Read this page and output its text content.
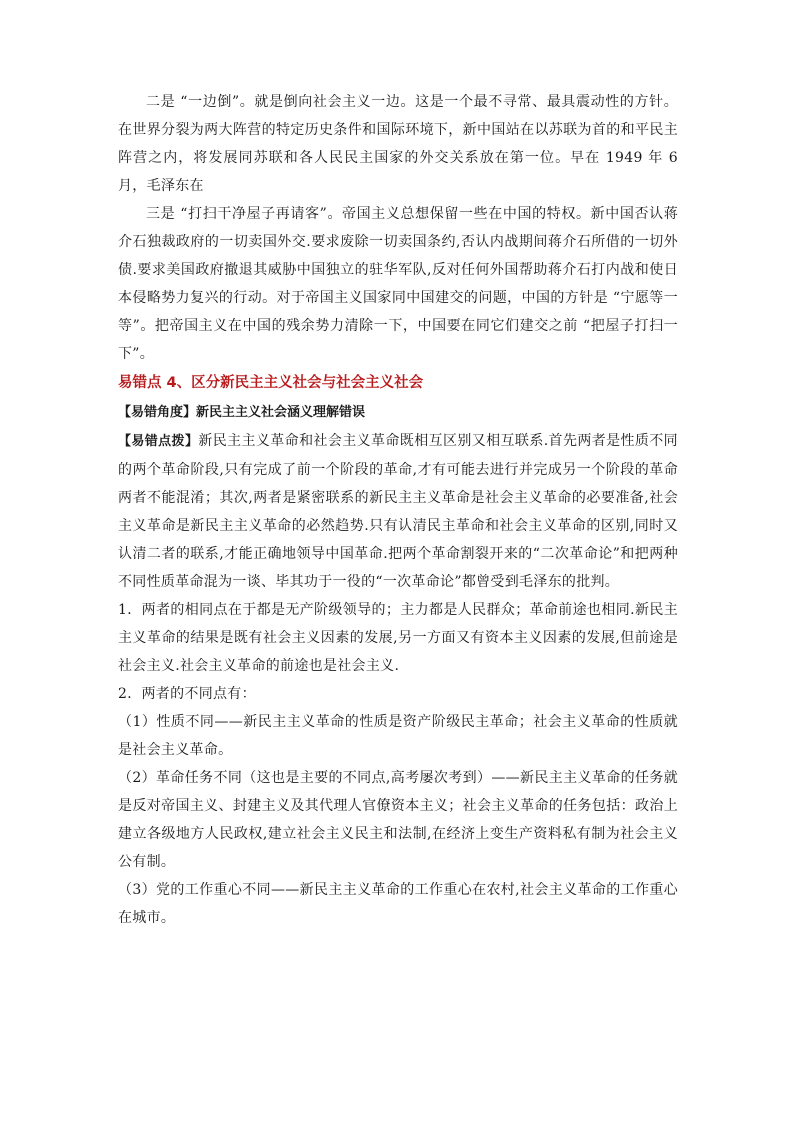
二是 “一边倒”。就是倒向社会主义一边。这是一个最不寻常、最具震动性的方针。在世界分裂为两大阵营的特定历史条件和国际环境下，新中国站在以苏联为首的和平民主阵营之内，将发展同苏联和各人民民主国家的外交关系放在第一位。早在 1949 年 6 月，毛泽东在

三是 “打扫干净屋子再请客”。帝国主义总想保留一些在中国的特权。新中国否认蒋介石独裁政府的一切卖国外交.要求废除一切卖国条约,否认内战期间蒋介石所借的一切外债.要求美国政府撤退其威胁中国独立的驻华军队,反对任何外国帮助蒋介石打内战和使日本侵略势力复兴的行动。对于帝国主义国家同中国建交的问题，中国的方针是 “宁愿等一等”。把帝国主义在中国的残余势力清除一下，中国要在同它们建交之前 “把屋子打扫一下”。

易错点 4、区分新民主主义社会与社会主义社会

【易错角度】新民主主义社会涵义理解错误

【易错点拨】新民主主义革命和社会主义革命既相互区别又相互联系.首先两者是性质不同的两个革命阶段,只有完成了前一个阶段的革命,才有可能去进行并完成另一个阶段的革命两者不能混淆；其次,两者是紧密联系的新民主主义革命是社会主义革命的必要准备,社会主义革命是新民主主义革命的必然趋势.只有认清民主革命和社会主义革命的区别,同时又认清二者的联系,才能正确地领导中国革命.把两个革命割裂开来的“二次革命论”和把两种不同性质革命混为一谈、毕其功于一役的“一次革命论”都曾受到毛泽东的批判。

1．两者的相同点在于都是无产阶级领导的；主力都是人民群众；革命前途也相同.新民主主义革命的结果是既有社会主义因素的发展,另一方面又有资本主义因素的发展,但前途是社会主义.社会主义革命的前途也是社会主义.

2．两者的不同点有：

（1）性质不同——新民主主义革命的性质是资产阶级民主革命；社会主义革命的性质就是社会主义革命。

（2）革命任务不同（这也是主要的不同点,高考屡次考到）——新民主主义革命的任务就是反对帝国主义、封建主义及其代理人官僚资本主义；社会主义革命的任务包括：政治上建立各级地方人民政权,建立社会主义民主和法制,在经济上变生产资料私有制为社会主义公有制。

（3）党的工作重心不同——新民主主义革命的工作重心在农村,社会主义革命的工作重心在城市。
